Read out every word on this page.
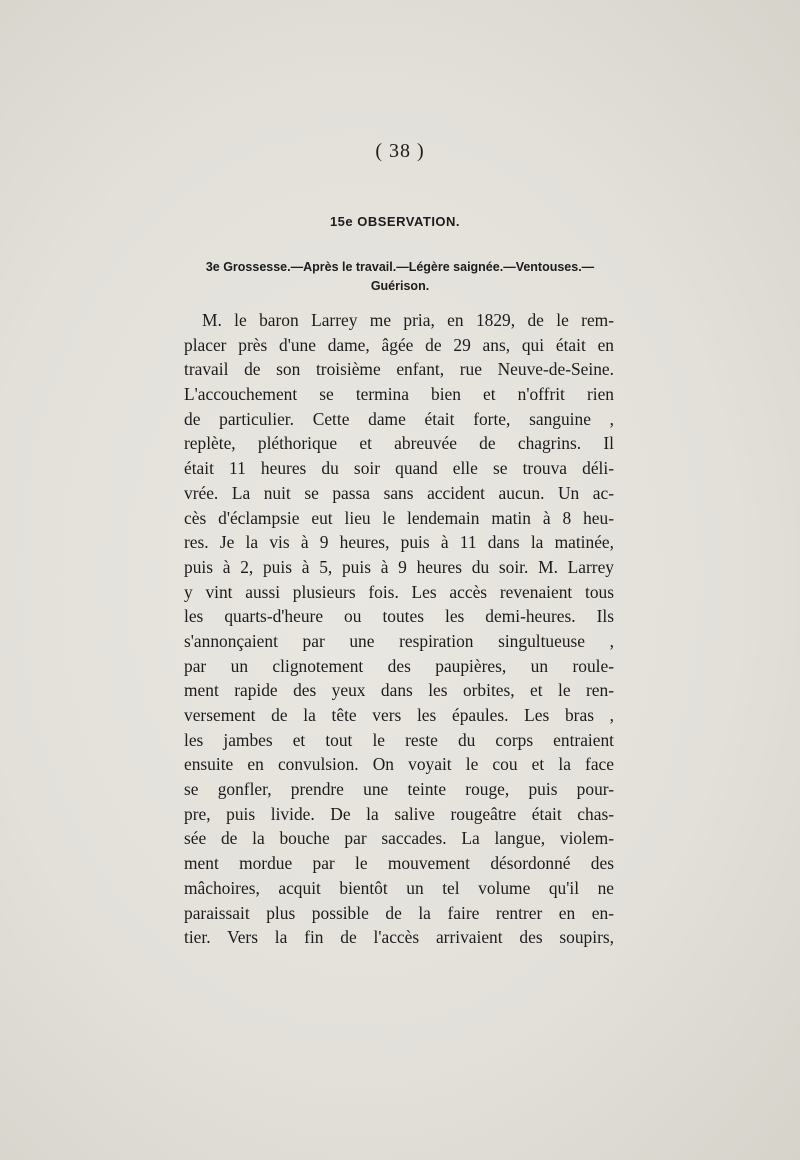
( 38 )
15e OBSERVATION.
3e Grossesse.—Après le travail.—Légère saignée.—Ventouses.—
Guérison.
M. le baron Larrey me pria, en 1829, de le rem-
placer près d'une dame, âgée de 29 ans, qui était en
travail de son troisième enfant, rue Neuve-de-Seine.
L'accouchement se termina bien et n'offrit rien
de particulier. Cette dame était forte, sanguine ,
replète, pléthorique et abreuvée de chagrins. Il
était 11 heures du soir quand elle se trouva déli-
vrée. La nuit se passa sans accident aucun. Un ac-
cès d'éclampsie eut lieu le lendemain matin à 8 heu-
res. Je la vis à 9 heures, puis à 11 dans la matinée,
puis à 2, puis à 5, puis à 9 heures du soir. M. Larrey
y vint aussi plusieurs fois. Les accès revenaient tous
les quarts-d'heure ou toutes les demi-heures. Ils
s'annonçaient par une respiration singultueuse ,
par un clignotement des paupières, un roule-
ment rapide des yeux dans les orbites, et le ren-
versement de la tête vers les épaules. Les bras ,
les jambes et tout le reste du corps entraient
ensuite en convulsion. On voyait le cou et la face
se gonfler, prendre une teinte rouge, puis pour-
pre, puis livide. De la salive rougeâtre était chas-
sée de la bouche par saccades. La langue, violem-
ment mordue par le mouvement désordonné des
mâchoires, acquit bientôt un tel volume qu'il ne
paraissait plus possible de la faire rentrer en en-
tier. Vers la fin de l'accès arrivaient des soupirs,
